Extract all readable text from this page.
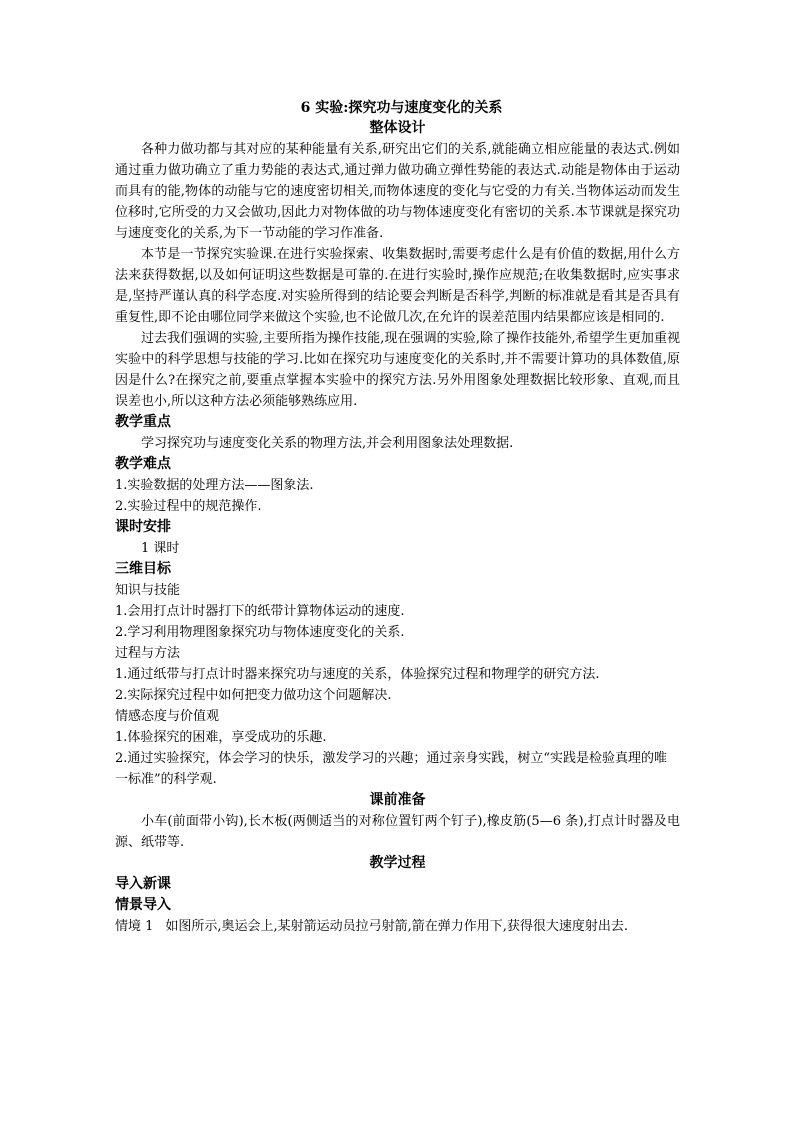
6 实验:探究功与速度变化的关系
整体设计

各种力做功都与其对应的某种能量有关系,研究出它们的关系,就能确立相应能量的表达式.例如通过重力做功确立了重力势能的表达式,通过弹力做功确立弹性势能的表达式.动能是物体由于运动而具有的能,物体的动能与它的速度密切相关,而物体速度的变化与它受的力有关.当物体运动而发生位移时,它所受的力又会做功,因此力对物体做的功与物体速度变化有密切的关系.本节课就是探究功与速度变化的关系,为下一节动能的学习作准备.

本节是一节探究实验课.在进行实验探索、收集数据时,需要考虑什么是有价值的数据,用什么方法来获得数据,以及如何证明这些数据是可靠的.在进行实验时,操作应规范;在收集数据时,应实事求是,坚持严谨认真的科学态度.对实验所得到的结论要会判断是否科学,判断的标准就是看其是否具有重复性,即不论由哪位同学来做这个实验,也不论做几次,在允许的误差范围内结果都应该是相同的.

过去我们强调的实验,主要所指为操作技能,现在强调的实验,除了操作技能外,希望学生更加重视实验中的科学思想与技能的学习.比如在探究功与速度变化的关系时,并不需要计算功的具体数值,原因是什么?在探究之前,要重点掌握本实验中的探究方法.另外用图象处理数据比较形象、直观,而且误差也小,所以这种方法必须能够熟练应用.

教学重点

学习探究功与速度变化关系的物理方法,并会利用图象法处理数据.

教学难点

1.实验数据的处理方法——图象法.

2.实验过程中的规范操作.

课时安排

1 课时

三维目标

知识与技能

1.会用打点计时器打下的纸带计算物体运动的速度.

2.学习利用物理图象探究功与物体速度变化的关系.

过程与方法

1.通过纸带与打点计时器来探究功与速度的关系，体验探究过程和物理学的研究方法.

2.实际探究过程中如何把变力做功这个问题解决.

情感态度与价值观

1.体验探究的困难，享受成功的乐趣.

2.通过实验探究，体会学习的快乐，激发学习的兴趣；通过亲身实践，树立“实践是检验真理的唯一标准”的科学观.

课前准备

小车(前面带小钩),长木板(两侧适当的对称位置钉两个钉子),橡皮筋(5—6 条),打点计时器及电源、纸带等.

教学过程
导入新课
情景导入

情境 1 如图所示,奥运会上,某射箭运动员拉弓射箭,箭在弹力作用下,获得很大速度射出去.
